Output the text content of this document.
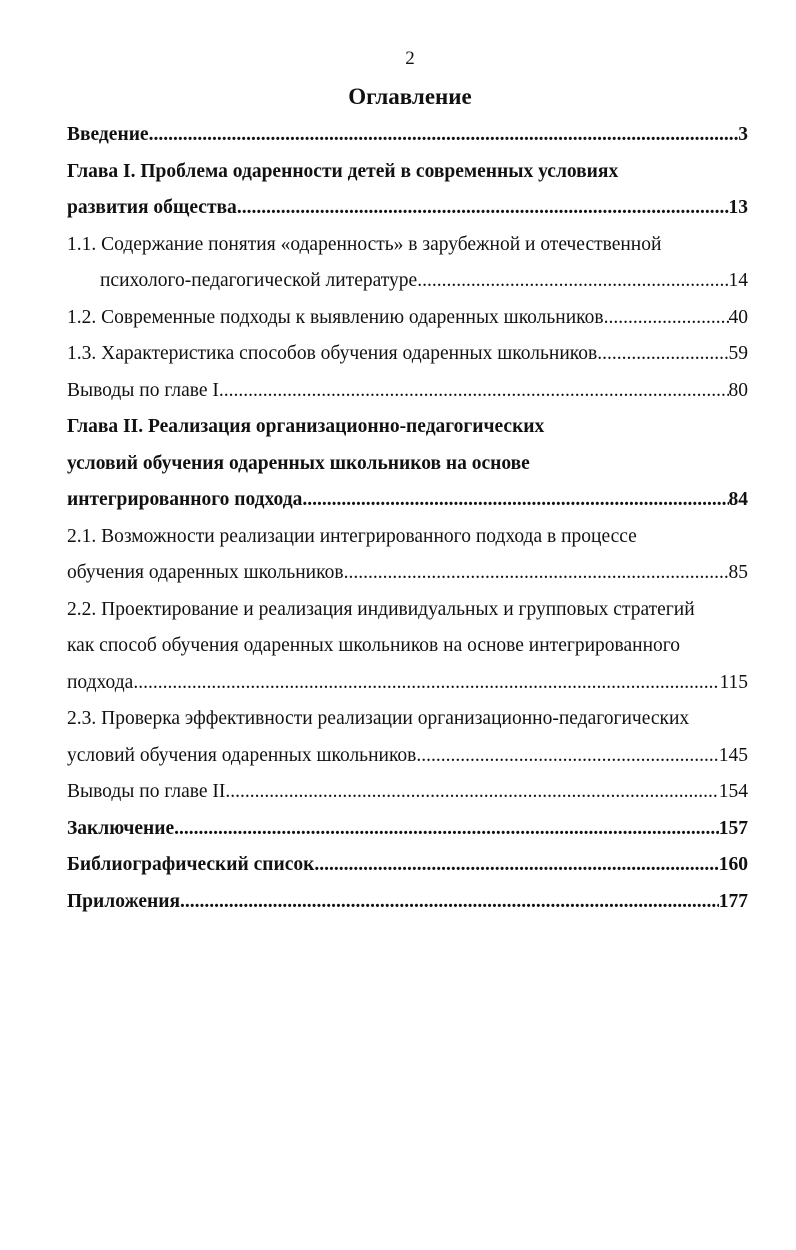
2
Оглавление
Введение .....	3
Глава I. Проблема одаренности детей в современных условиях
развития общества .....	13
1.1. Содержание понятия «одаренность» в зарубежной и отечественной
психолого-педагогической литературе .....	14
1.2. Современные подходы к выявлению одаренных школьников .....	40
1.3. Характеристика способов обучения одаренных школьников .....	59
Выводы по главе I .....	80
Глава II. Реализация организационно-педагогических
условий обучения одаренных школьников на основе
интегрированного подхода .....	84
2.1. Возможности реализации интегрированного подхода в процессе
обучения одаренных школьников .....	85
2.2. Проектирование и реализация индивидуальных и групповых стратегий
как способ обучения одаренных школьников на основе интегрированного
подхода .....	115
2.3. Проверка эффективности реализации организационно-педагогических
условий обучения одаренных школьников .....	145
Выводы по главе II .....	154
Заключение .....	157
Библиографический список .....	160
Приложения .....	177
